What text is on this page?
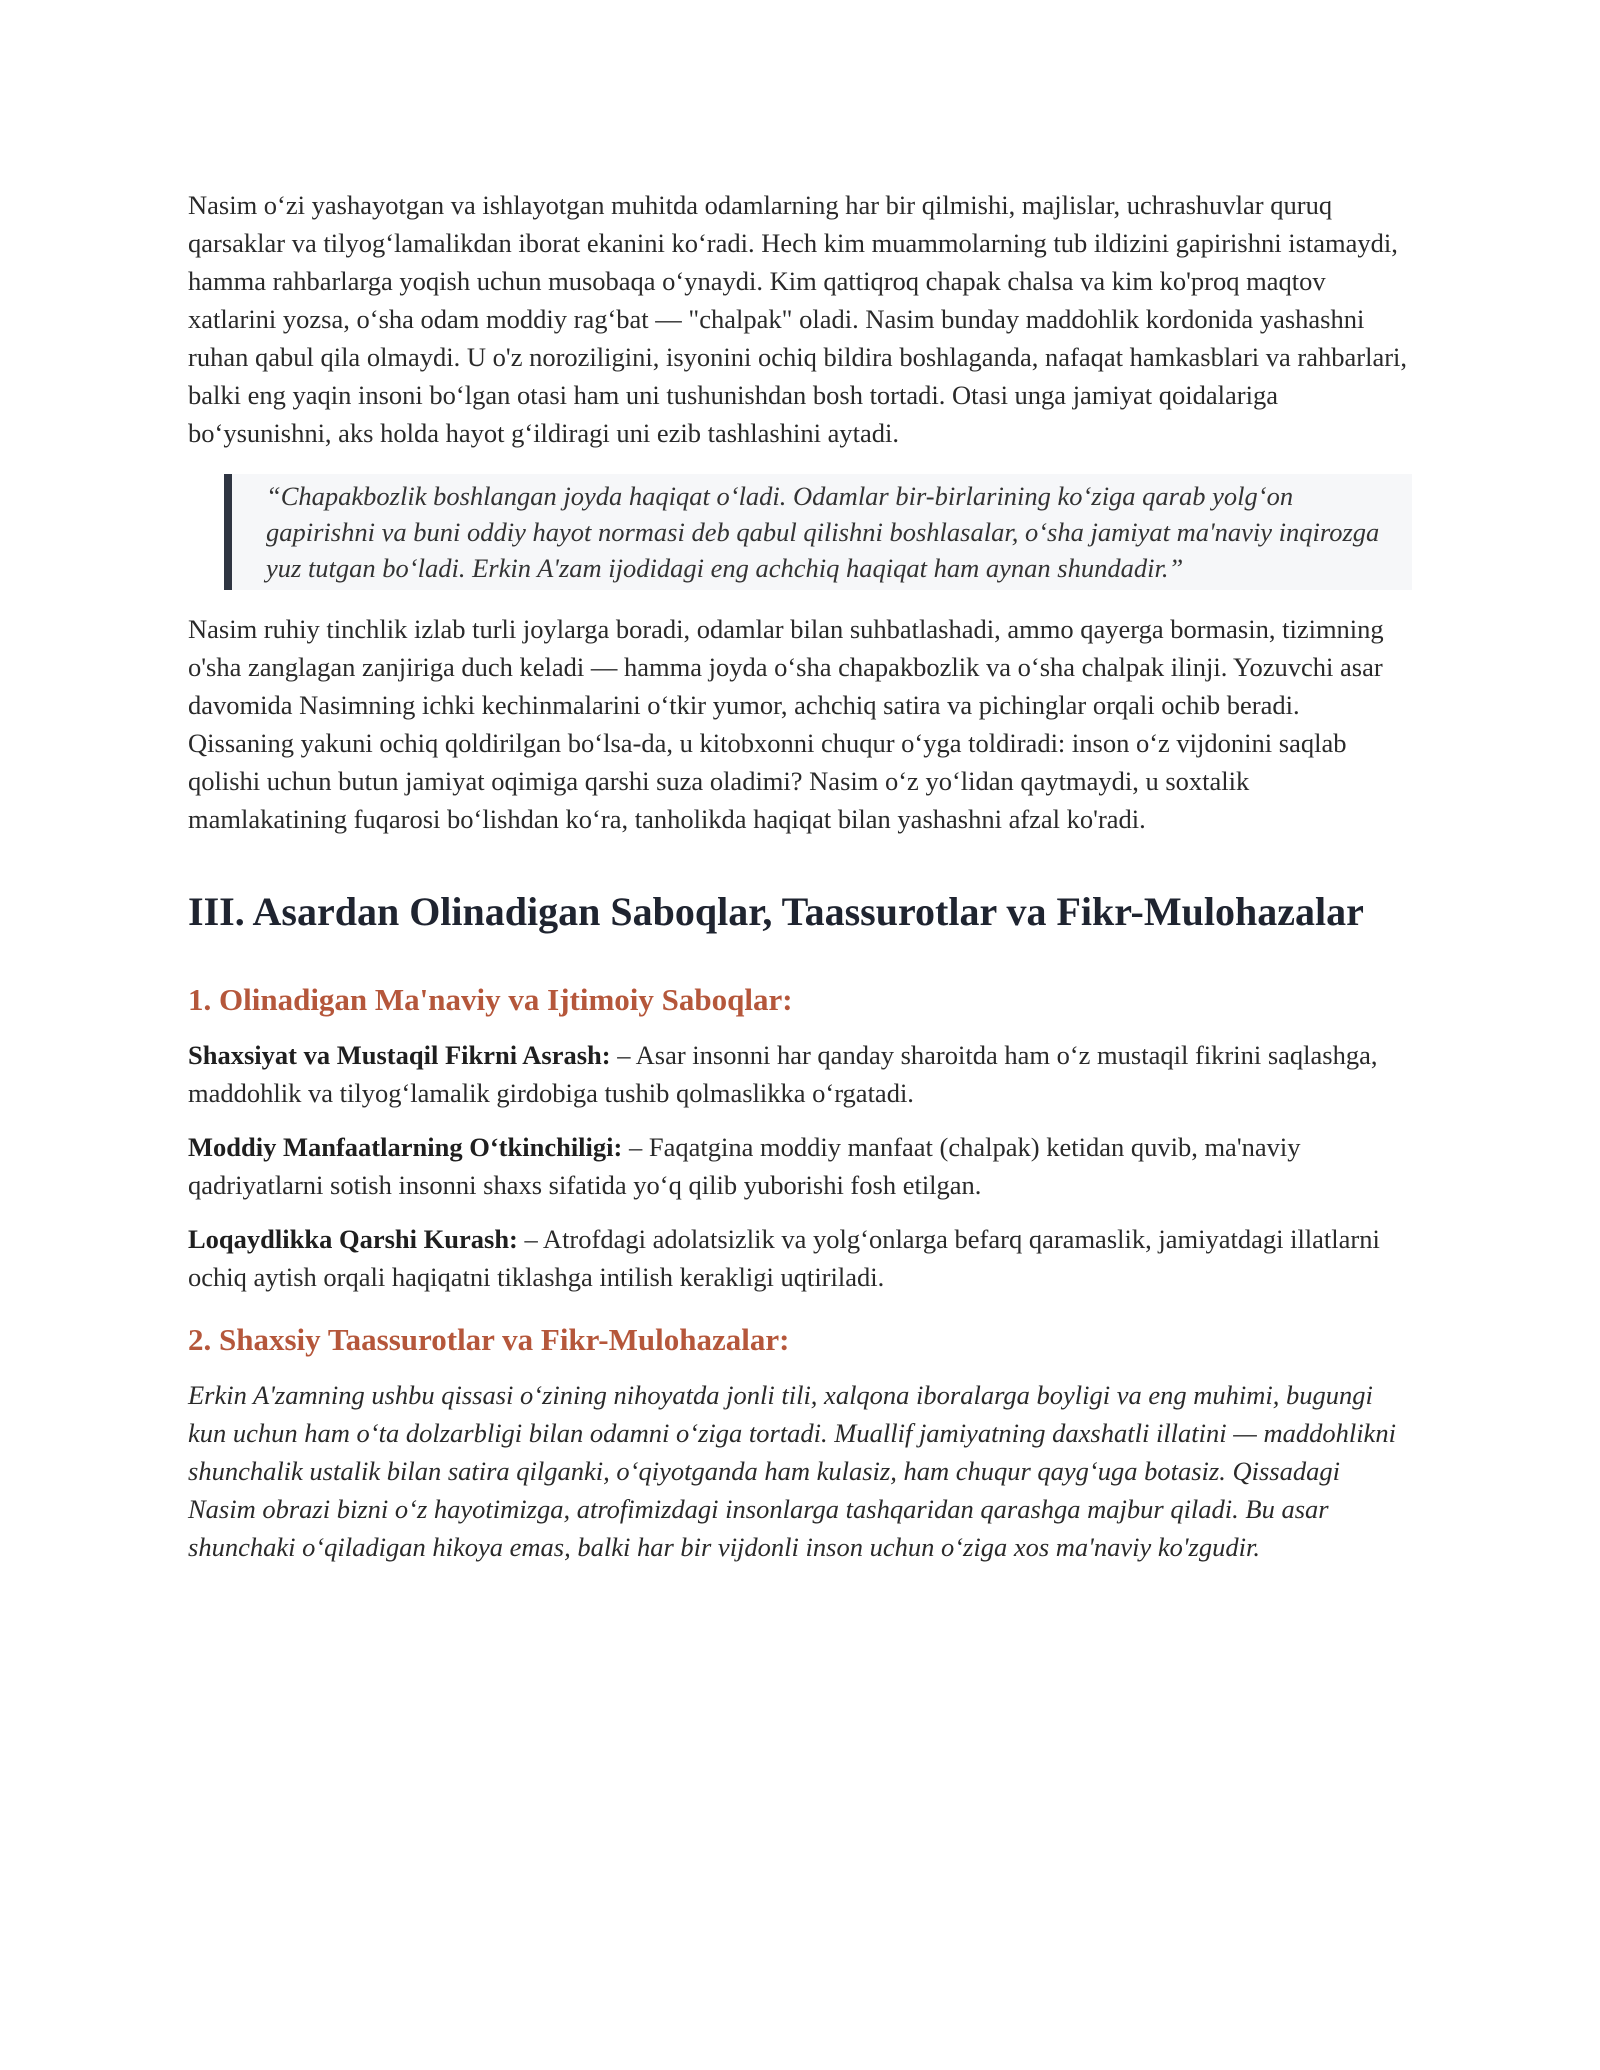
Nasim o‘zi yashayotgan va ishlayotgan muhitda odamlarning har bir qilmishi, majlislar, uchrashuvlar quruq qarsaklar va tilyog‘lamalikdan iborat ekanini ko‘radi. Hech kim muammolarning tub ildizini gapirishni istamaydi, hamma rahbarlarga yoqish uchun musobaqa o‘ynaydi. Kim qattiqroq chapak chalsa va kim ko'proq maqtov xatlarini yozsa, o‘sha odam moddiy rag‘bat — "chalpak" oladi. Nasim bunday maddohlik kordonida yashashni ruhan qabul qila olmaydi. U o'z noroziligini, isyonini ochiq bildira boshlaganda, nafaqat hamkasblari va rahbarlari, balki eng yaqin insoni bo‘lgan otasi ham uni tushunishdan bosh tortadi. Otasi unga jamiyat qoidalariga bo‘ysunishni, aks holda hayot g‘ildiragi uni ezib tashlashini aytadi.

“Chapakbozlik boshlangan joyda haqiqat o‘ladi. Odamlar bir-birlarining ko‘ziga qarab yolg‘on gapirishni va buni oddiy hayot normasi deb qabul qilishni boshlasalar, o‘sha jamiyat ma'naviy inqirozga yuz tutgan bo‘ladi. Erkin A'zam ijodidagi eng achchiq haqiqat ham aynan shundadir.”

Nasim ruhiy tinchlik izlab turli joylarga boradi, odamlar bilan suhbatlashadi, ammo qayerga bormasin, tizimning o'sha zanglagan zanjiriga duch keladi — hamma joyda o‘sha chapakbozlik va o‘sha chalpak ilinji. Yozuvchi asar davomida Nasimning ichki kechinmalarini o‘tkir yumor, achchiq satira va pichinglar orqali ochib beradi. Qissaning yakuni ochiq qoldirilgan bo‘lsa-da, u kitobxonni chuqur o‘yga toldiradi: inson o‘z vijdonini saqlab qolishi uchun butun jamiyat oqimiga qarshi suza oladimi? Nasim o‘z yo‘lidan qaytmaydi, u soxtalik mamlakatining fuqarosi bo‘lishdan ko‘ra, tanholikda haqiqat bilan yashashni afzal ko'radi.

III. Asardan Olinadigan Saboqlar, Taassurotlar va Fikr-Mulohazalar
1. Olinadigan Ma'naviy va Ijtimoiy Saboqlar:

Shaxsiyat va Mustaqil Fikrni Asrash: – Asar insonni har qanday sharoitda ham o‘z mustaqil fikrini saqlashga, maddohlik va tilyog‘lamalik girdobiga tushib qolmaslikka o‘rgatadi.

Moddiy Manfaatlarning O‘tkinchiligi: – Faqatgina moddiy manfaat (chalpak) ketidan quvib, ma'naviy qadriyatlarni sotish insonni shaxs sifatida yo‘q qilib yuborishi fosh etilgan.

Loqaydlikka Qarshi Kurash: – Atrofdagi adolatsizlik va yolg‘onlarga befarq qaramaslik, jamiyatdagi illatlarni ochiq aytish orqali haqiqatni tiklashga intilish kerakligi uqtiriladi.

2. Shaxsiy Taassurotlar va Fikr-Mulohazalar:

Erkin A'zamning ushbu qissasi o‘zining nihoyatda jonli tili, xalqona iboralarga boyligi va eng muhimi, bugungi kun uchun ham o‘ta dolzarbligi bilan odamni o‘ziga tortadi. Muallif jamiyatning daxshatli illatini — maddohlikni shunchalik ustalik bilan satira qilganki, o‘qiyotganda ham kulasiz, ham chuqur qayg‘uga botasiz. Qissadagi Nasim obrazi bizni o‘z hayotimizga, atrofimizdagi insonlarga tashqaridan qarashga majbur qiladi. Bu asar shunchaki o‘qiladigan hikoya emas, balki har bir vijdonli inson uchun o‘ziga xos ma'naviy ko'zgudir.
